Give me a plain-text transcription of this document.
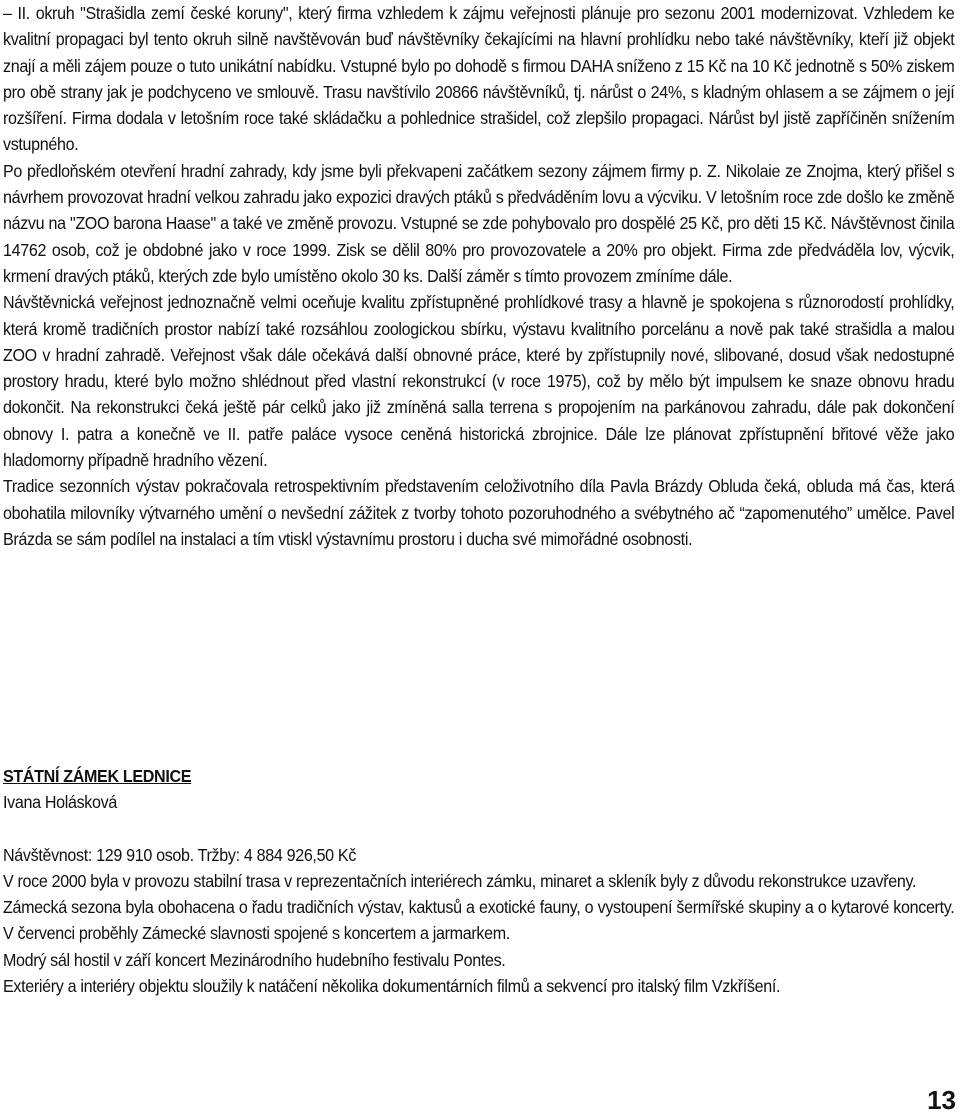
– II. okruh "Strašidla zemí české koruny", který firma vzhledem k zájmu veřejnosti plánuje pro sezonu 2001 modernizovat. Vzhledem ke kvalitní propagaci byl tento okruh silně navštěvován buď návštěvníky čekajícími na hlavní prohlídku nebo také návštěvníky, kteří již objekt znají a měli zájem pouze o tuto unikátní nabídku. Vstupné bylo po dohodě s firmou DAHA sníženo z 15 Kč na 10 Kč jednotně s 50% ziskem pro obě strany jak je podchyceno ve smlouvě. Trasu navštívilo 20866 návštěvníků, tj. nárůst o 24%, s kladným ohlasem a se zájmem o její rozšíření. Firma dodala v letošním roce také skládačku a pohlednice strašidel, což zlepšilo propagaci. Nárůst byl jistě zapříčiněn snížením vstupného.

Po předloňském otevření hradní zahrady, kdy jsme byli překvapeni začátkem sezony zájmem firmy p. Z. Nikolaie ze Znojma, který přišel s návrhem provozovat hradní velkou zahradu jako expozici dravých ptáků s předváděním lovu a výcviku. V letošním roce zde došlo ke změně názvu na "ZOO barona Haase" a také ve změně provozu. Vstupné se zde pohybovalo pro dospělé 25 Kč, pro děti 15 Kč. Návštěvnost činila 14762 osob, což je obdobné jako v roce 1999. Zisk se dělil 80% pro provozovatele a 20% pro objekt. Firma zde předváděla lov, výcvik, krmení dravých ptáků, kterých zde bylo umístěno okolo 30 ks. Další záměr s tímto provozem zmíníme dále.

Návštěvnická veřejnost jednoznačně velmi oceňuje kvalitu zpřístupněné prohlídkové trasy a hlavně je spokojena s různorodostí prohlídky, která kromě tradičních prostor nabízí také rozsáhlou zoologickou sbírku, výstavu kvalitního porcelánu a nově pak také strašidla a malou ZOO v hradní zahradě. Veřejnost však dále očekává další obnovné práce, které by zpřístupnily nové, slibované, dosud však nedostupné prostory hradu, které bylo možno shlédnout před vlastní rekonstrukcí (v roce 1975), což by mělo být impulsem ke snaze obnovu hradu dokončit. Na rekonstrukci čeká ještě pár celků jako již zmíněná salla terrena s propojením na parkánovou zahradu, dále pak dokončení obnovy I. patra a konečně ve II. patře paláce vysoce ceněná historická zbrojnice. Dále lze plánovat zpřístupnění břitové věže jako hladomorny případně hradního vězení.

Tradice sezonních výstav pokračovala retrospektivním představením celoživotního díla Pavla Brázdy Obluda čeká, obluda má čas, která obohatila milovníky výtvarného umění o nevšední zážitek z tvorby tohoto pozoruhodného a svébytného ač “zapomenutého” umělce. Pavel Brázda se sám podílel na instalaci a tím vtiskl výstavnímu prostoru i ducha své mimořádné osobnosti.

STÁTNÍ ZÁMEK LEDNICE

Ivana Holásková

Návštěvnost: 129 910 osob. Tržby: 4 884 926,50 Kč

V roce 2000 byla v provozu stabilní trasa v reprezentačních interiérech zámku, minaret a skleník byly z důvodu rekonstrukce uzavřeny.

Zámecká sezona byla obohacena o řadu tradičních výstav, kaktusů a exotické fauny, o vystoupení šermířské skupiny a o kytarové koncerty. V červenci proběhly Zámecké slavnosti spojené s koncertem a jarmarkem.

Modrý sál hostil v září koncert Mezinárodního hudebního festivalu Pontes.

Exteriéry a interiéry objektu sloužily k natáčení několika dokumentárních filmů a sekvencí pro italský film Vzkříšení.

13
